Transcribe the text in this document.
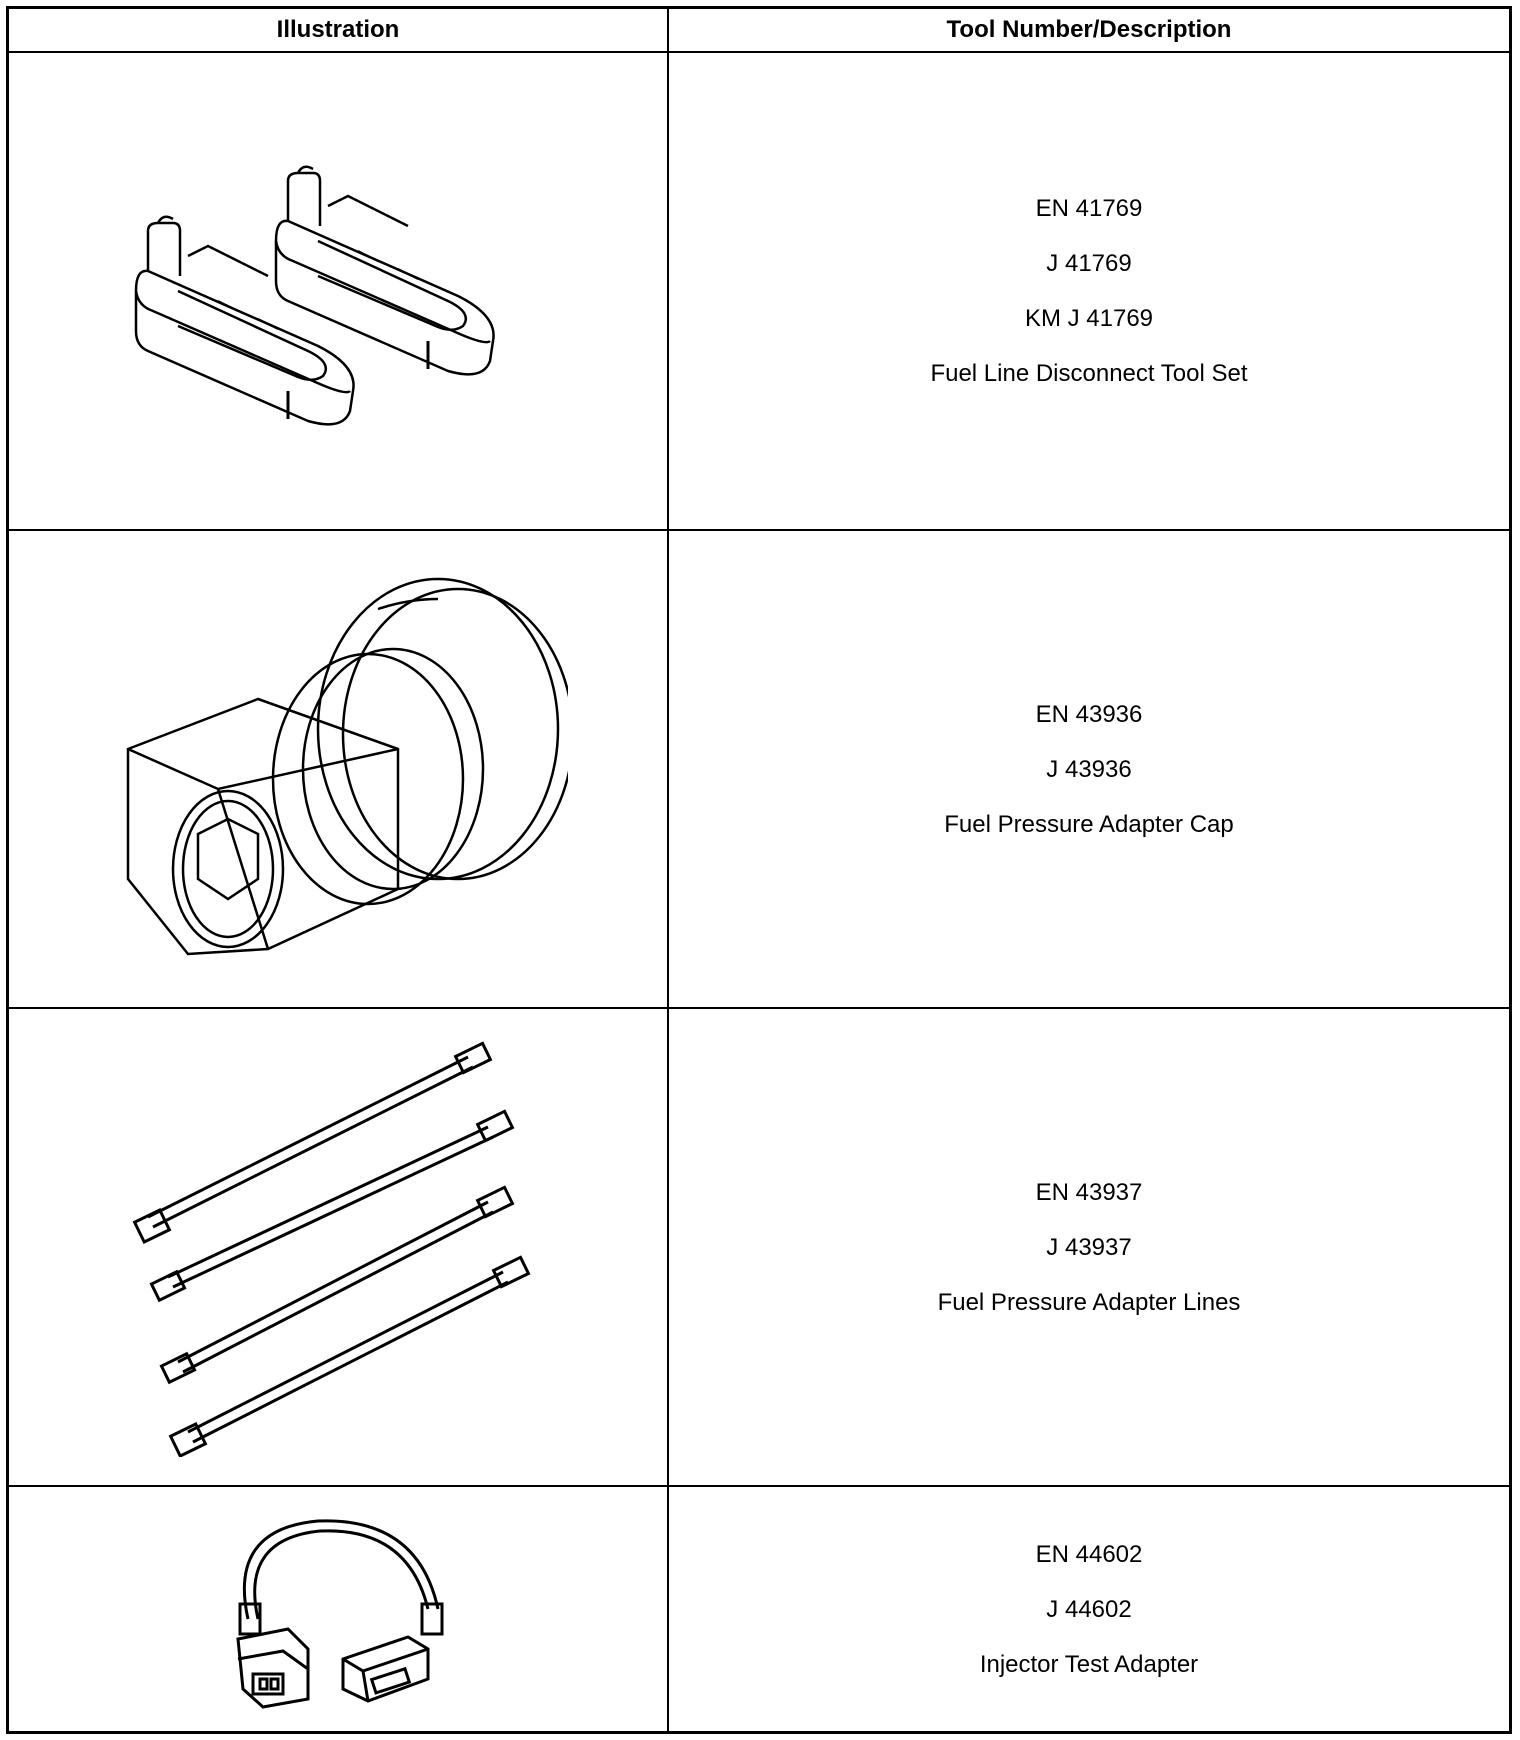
Illustration	Tool Number/Description
EN 41769
J 41769
KM J 41769
Fuel Line Disconnect Tool Set
EN 43936
J 43936
Fuel Pressure Adapter Cap
EN 43937
J 43937
Fuel Pressure Adapter Lines
EN 44602
J 44602
Injector Test Adapter
